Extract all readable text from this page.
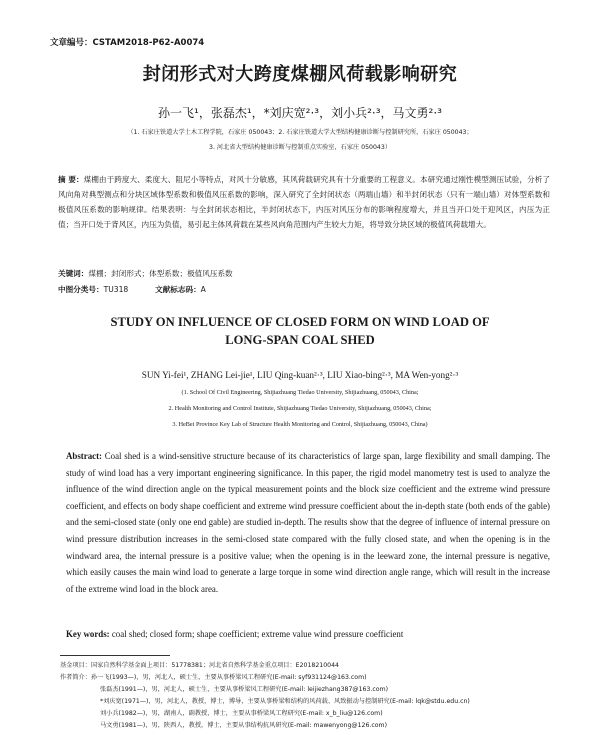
文章编号：CSTAM2018-P62-A0074
封闭形式对大跨度煤棚风荷载影响研究
孙一飞¹，张磊杰¹，*刘庆宽²·³，刘小兵²·³，马文勇²·³
（1. 石家庄铁道大学土木工程学院，石家庄 050043；2. 石家庄铁道大学大型结构健康诊断与控制研究所，石家庄 050043；
3. 河北省大型结构健康诊断与控制重点实验室，石家庄 050043）
摘 要：煤棚由于跨度大、柔度大、阻尼小等特点，对风十分敏感，其风荷载研究具有十分重要的工程意义。本研究通过刚性模型测压试验，分析了风向角对典型测点和分块区域体型系数和极值风压系数的影响，深入研究了全封闭状态（两端山墙）和半封闭状态（只有一端山墙）对体型系数和极值风压系数的影响规律。结果表明：与全封闭状态相比，半封闭状态下，内压对风压分布的影响程度增大，并且当开口处于迎风区，内压为正值；当开口处于背风区，内压为负值，易引起主体风荷载在某些风向角范围内产生较大力矩，将导致分块区域的极值风荷载增大。
关键词：煤棚；封闭形式；体型系数；极值风压系数
中图分类号：TU318	文献标志码：A
STUDY ON INFLUENCE OF CLOSED FORM ON WIND LOAD OF
LONG-SPAN COAL SHED
SUN Yi-fei¹, ZHANG Lei-jie¹, LIU Qing-kuan²·³, LIU Xiao-bing²·³, MA Wen-yong²·³
(1. School Of Civil Engineering, Shijiazhuang Tiedao University, Shijiazhuang, 050043, China;
2. Health Monitoring and Control Institute, Shijiazhuang Tiedao University, Shijiazhuang, 050043, China;
3. HeBei Province Key Lab of Structure Health Monitoring and Control, Shijiazhuang, 050043, China)
Abstract: Coal shed is a wind-sensitive structure because of its characteristics of large span, large flexibility and small damping. The study of wind load has a very important engineering significance. In this paper, the rigid model manometry test is used to analyze the influence of the wind direction angle on the typical measurement points and the block size coefficient and the extreme wind pressure coefficient, and effects on body shape coefficient and extreme wind pressure coefficient about the in-depth state (both ends of the gable) and the semi-closed state (only one end gable) are studied in-depth. The results show that the degree of influence of internal pressure on wind pressure distribution increases in the semi-closed state compared with the fully closed state, and when the opening is in the windward area, the internal pressure is a positive value; when the opening is in the leeward zone, the internal pressure is negative, which easily causes the main wind load to generate a large torque in some wind direction angle range, which will result in the increase of the extreme wind load in the block area.
Key words: coal shed; closed form; shape coefficient; extreme value wind pressure coefficient
基金项目：国家自然科学基金面上项目：51778381；河北省自然科学基金重点项目：E2018210044
作者简介：孙一飞(1993—)，男，河北人，硕士生，主要从事桥梁风工程研究(E-mail: syf931124@163.com)
张磊杰(1991—)，男，河北人，硕士生，主要从事桥梁风工程研究(E-mail: leijiezhang387@163.com)
*刘庆宽(1971—)，男，河北人，教授，博士，博导，主要从事桥梁和结构的风荷载、风致振动与控制研究(E-mail: lqk@stdu.edu.cn)
刘小兵(1982—)，男，湖南人，副教授，博士，主要从事桥梁风工程研究(E-mail: x_b_liu@126.com)
马文勇(1981—)，男，陕西人，教授，博士，主要从事结构抗风研究(E-mail: mawenyong@126.com)
